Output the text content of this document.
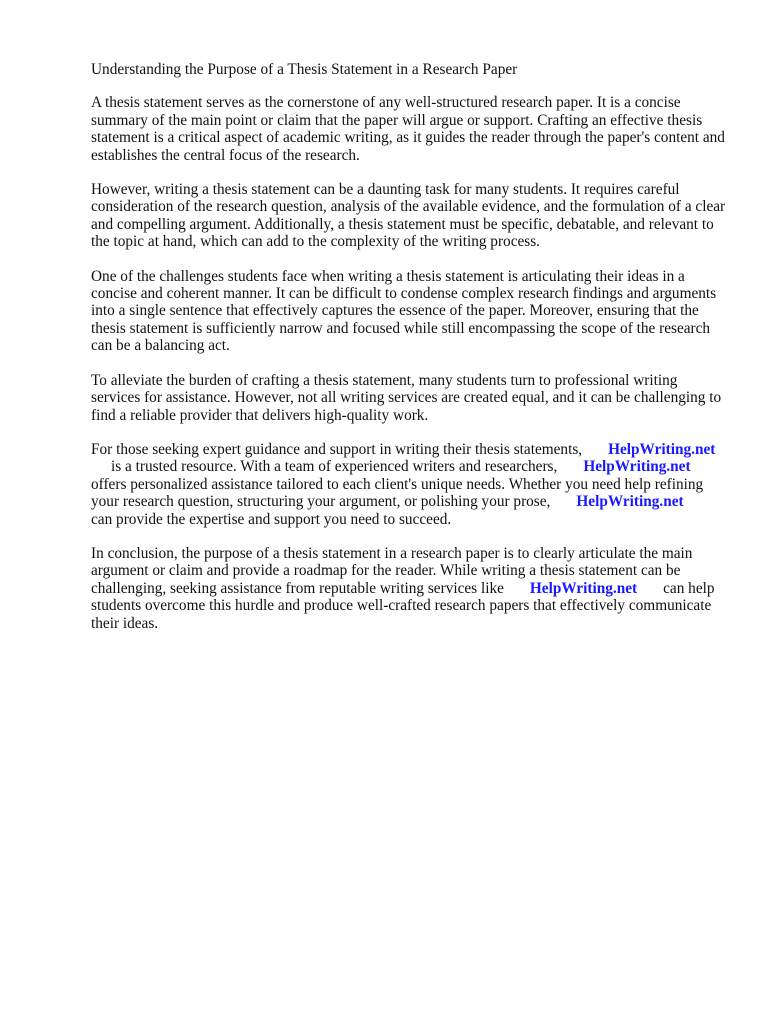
Understanding the Purpose of a Thesis Statement in a Research Paper

A thesis statement serves as the cornerstone of any well-structured research paper. It is a concise summary of the main point or claim that the paper will argue or support. Crafting an effective thesis statement is a critical aspect of academic writing, as it guides the reader through the paper's content and establishes the central focus of the research.

However, writing a thesis statement can be a daunting task for many students. It requires careful consideration of the research question, analysis of the available evidence, and the formulation of a clear and compelling argument. Additionally, a thesis statement must be specific, debatable, and relevant to the topic at hand, which can add to the complexity of the writing process.

One of the challenges students face when writing a thesis statement is articulating their ideas in a concise and coherent manner. It can be difficult to condense complex research findings and arguments into a single sentence that effectively captures the essence of the paper. Moreover, ensuring that the thesis statement is sufficiently narrow and focused while still encompassing the scope of the research can be a balancing act.

To alleviate the burden of crafting a thesis statement, many students turn to professional writing services for assistance. However, not all writing services are created equal, and it can be challenging to find a reliable provider that delivers high-quality work.

For those seeking expert guidance and support in writing their thesis statements, HelpWriting.net
is a trusted resource. With a team of experienced writers and researchers, HelpWriting.net
offers personalized assistance tailored to each client's unique needs. Whether you need help refining your research question, structuring your argument, or polishing your prose, HelpWriting.net
can provide the expertise and support you need to succeed.

In conclusion, the purpose of a thesis statement in a research paper is to clearly articulate the main argument or claim and provide a roadmap for the reader. While writing a thesis statement can be challenging, seeking assistance from reputable writing services like HelpWriting.net can help students overcome this hurdle and produce well-crafted research papers that effectively communicate their ideas.
